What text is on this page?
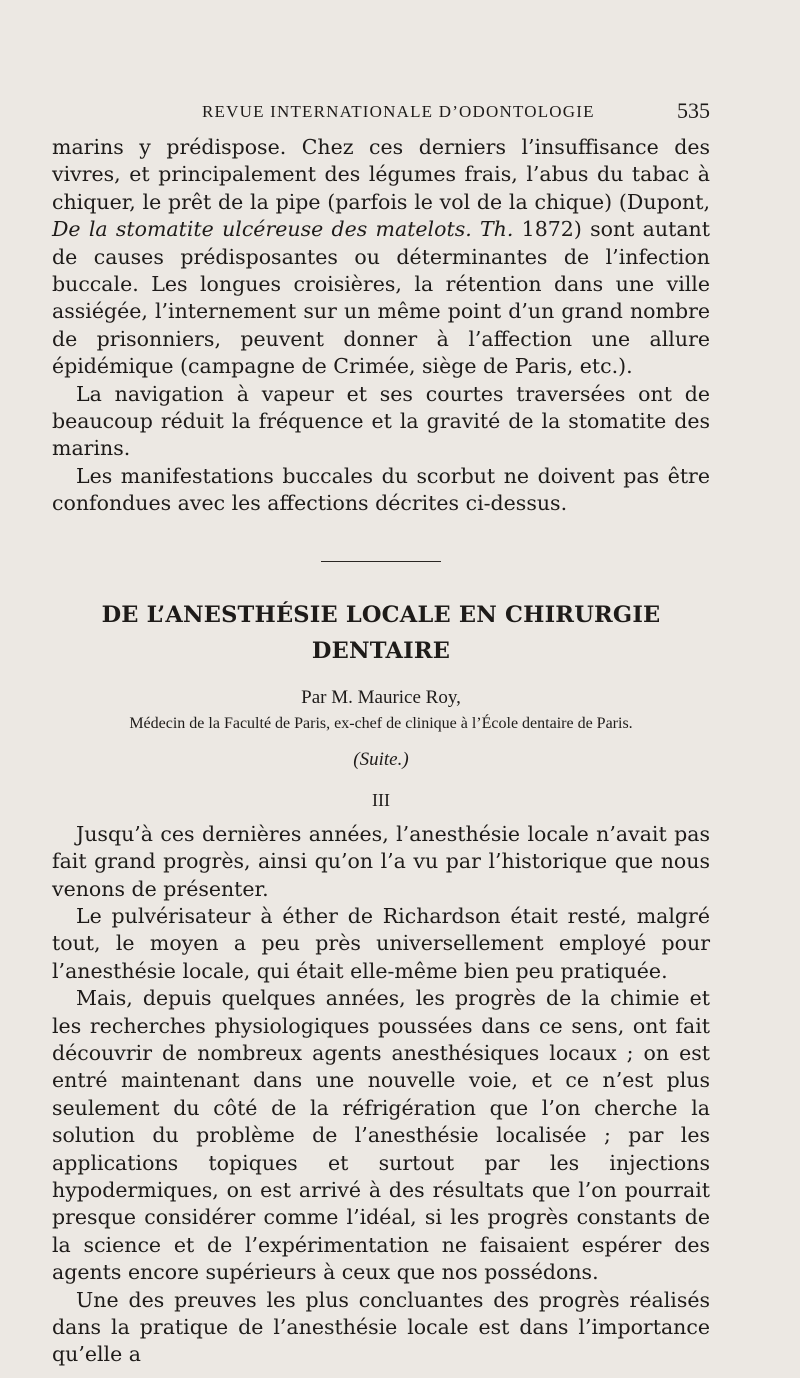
REVUE INTERNATIONALE D’ODONTOLOGIE	535

marins y prédispose. Chez ces derniers l’insuffisance des vivres, et principalement des légumes frais, l’abus du tabac à chiquer, le prêt de la pipe (parfois le vol de la chique) (Dupont, De la stomatite ulcéreuse des matelots. Th. 1872) sont autant de causes prédisposantes ou déterminantes de l’infection buccale. Les longues croisières, la rétention dans une ville assiégée, l’internement sur un même point d’un grand nombre de prisonniers, peuvent donner à l’affection une allure épidémique (campagne de Crimée, siège de Paris, etc.).

La navigation à vapeur et ses courtes traversées ont de beaucoup réduit la fréquence et la gravité de la stomatite des marins.

Les manifestations buccales du scorbut ne doivent pas être confondues avec les affections décrites ci-dessus.

DE L’ANESTHÉSIE LOCALE EN CHIRURGIE DENTAIRE
Par M. Maurice Roy,
Médecin de la Faculté de Paris, ex-chef de clinique à l’École dentaire de Paris.
(Suite.)
III

Jusqu’à ces dernières années, l’anesthésie locale n’avait pas fait grand progrès, ainsi qu’on l’a vu par l’historique que nous venons de présenter.

Le pulvérisateur à éther de Richardson était resté, malgré tout, le moyen a peu près universellement employé pour l’anesthésie locale, qui était elle-même bien peu pratiquée.

Mais, depuis quelques années, les progrès de la chimie et les recherches physiologiques poussées dans ce sens, ont fait découvrir de nombreux agents anesthésiques locaux ; on est entré maintenant dans une nouvelle voie, et ce n’est plus seulement du côté de la réfrigération que l’on cherche la solution du problème de l’anesthésie localisée ; par les applications topiques et surtout par les injections hypodermiques, on est arrivé à des résultats que l’on pourrait presque considérer comme l’idéal, si les progrès constants de la science et de l’expérimentation ne faisaient espérer des agents encore supérieurs à ceux que nos possédons.

Une des preuves les plus concluantes des progrès réalisés dans la pratique de l’anesthésie locale est dans l’importance qu’elle a
